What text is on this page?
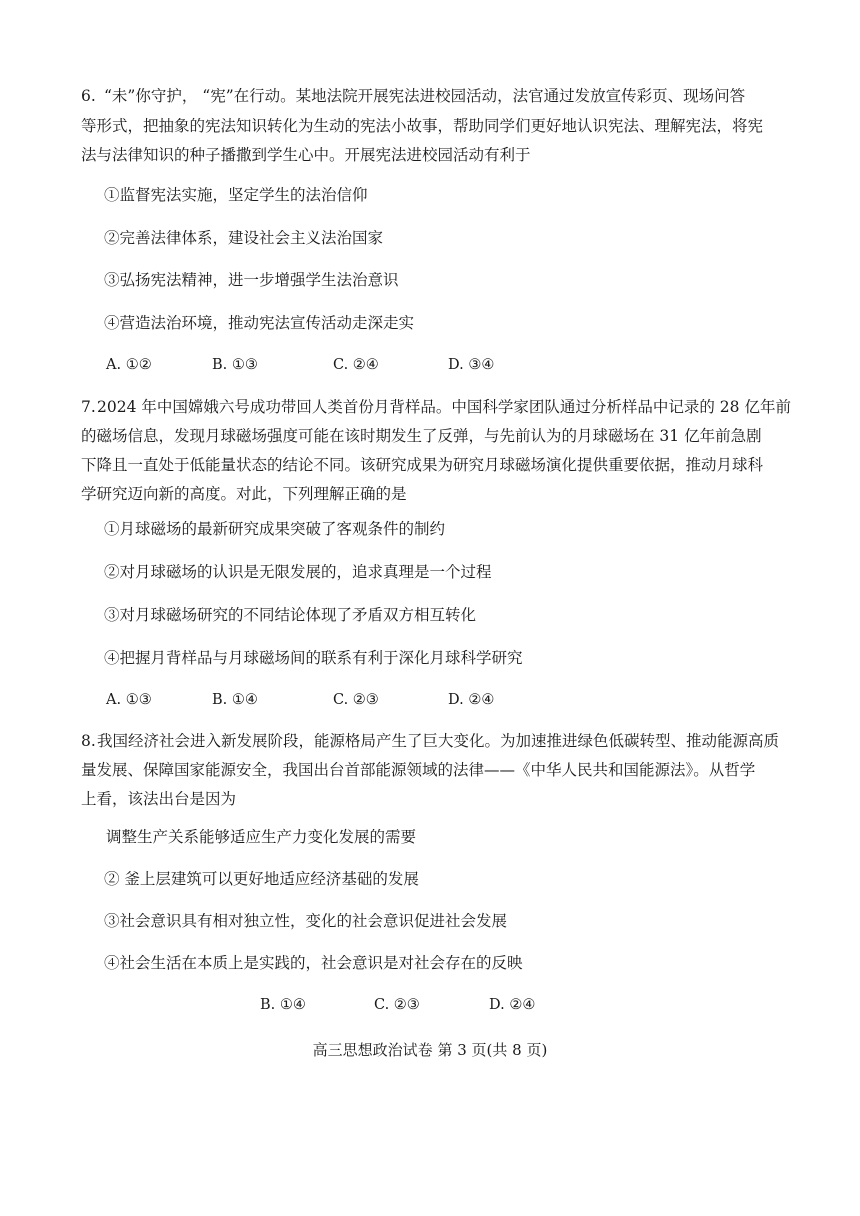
6. “未”你守护， “宪”在行动。某地法院开展宪法进校园活动，法官通过发放宣传彩页、现场问答
等形式，把抽象的宪法知识转化为生动的宪法小故事，帮助同学们更好地认识宪法、理解宪法，将宪
法与法律知识的种子播撒到学生心中。开展宪法进校园活动有利于
①监督宪法实施，坚定学生的法治信仰
②完善法律体系，建设社会主义法治国家
③弘扬宪法精神，进一步增强学生法治意识
④营造法治环境，推动宪法宣传活动走深走实
A. ①②	B. ①③	C. ②④	D. ③④
7. 2024 年中国嫦娥六号成功带回人类首份月背样品。中国科学家团队通过分析样品中记录的 28 亿年前
的磁场信息，发现月球磁场强度可能在该时期发生了反弹，与先前认为的月球磁场在 31 亿年前急剧
下降且一直处于低能量状态的结论不同。该研究成果为研究月球磁场演化提供重要依据，推动月球科
学研究迈向新的高度。对此，下列理解正确的是
①月球磁场的最新研究成果突破了客观条件的制约
②对月球磁场的认识是无限发展的，追求真理是一个过程
③对月球磁场研究的不同结论体现了矛盾双方相互转化
④把握月背样品与月球磁场间的联系有利于深化月球科学研究
A. ①③	B. ①④	C. ②③	D. ②④
8. 我国经济社会进入新发展阶段，能源格局产生了巨大变化。为加速推进绿色低碳转型、推动能源高质
量发展、保障国家能源安全，我国出台首部能源领域的法律——《中华人民共和国能源法》。从哲学
上看，该法出台是因为
调整生产关系能够适应生产力变化发展的需要
② 釜上层建筑可以更好地适应经济基础的发展
③社会意识具有相对独立性，变化的社会意识促进社会发展
④社会生活在本质上是实践的，社会意识是对社会存在的反映
B. ①④	C. ②③	D. ②④
高三思想政治试卷 第 3 页(共 8 页)
